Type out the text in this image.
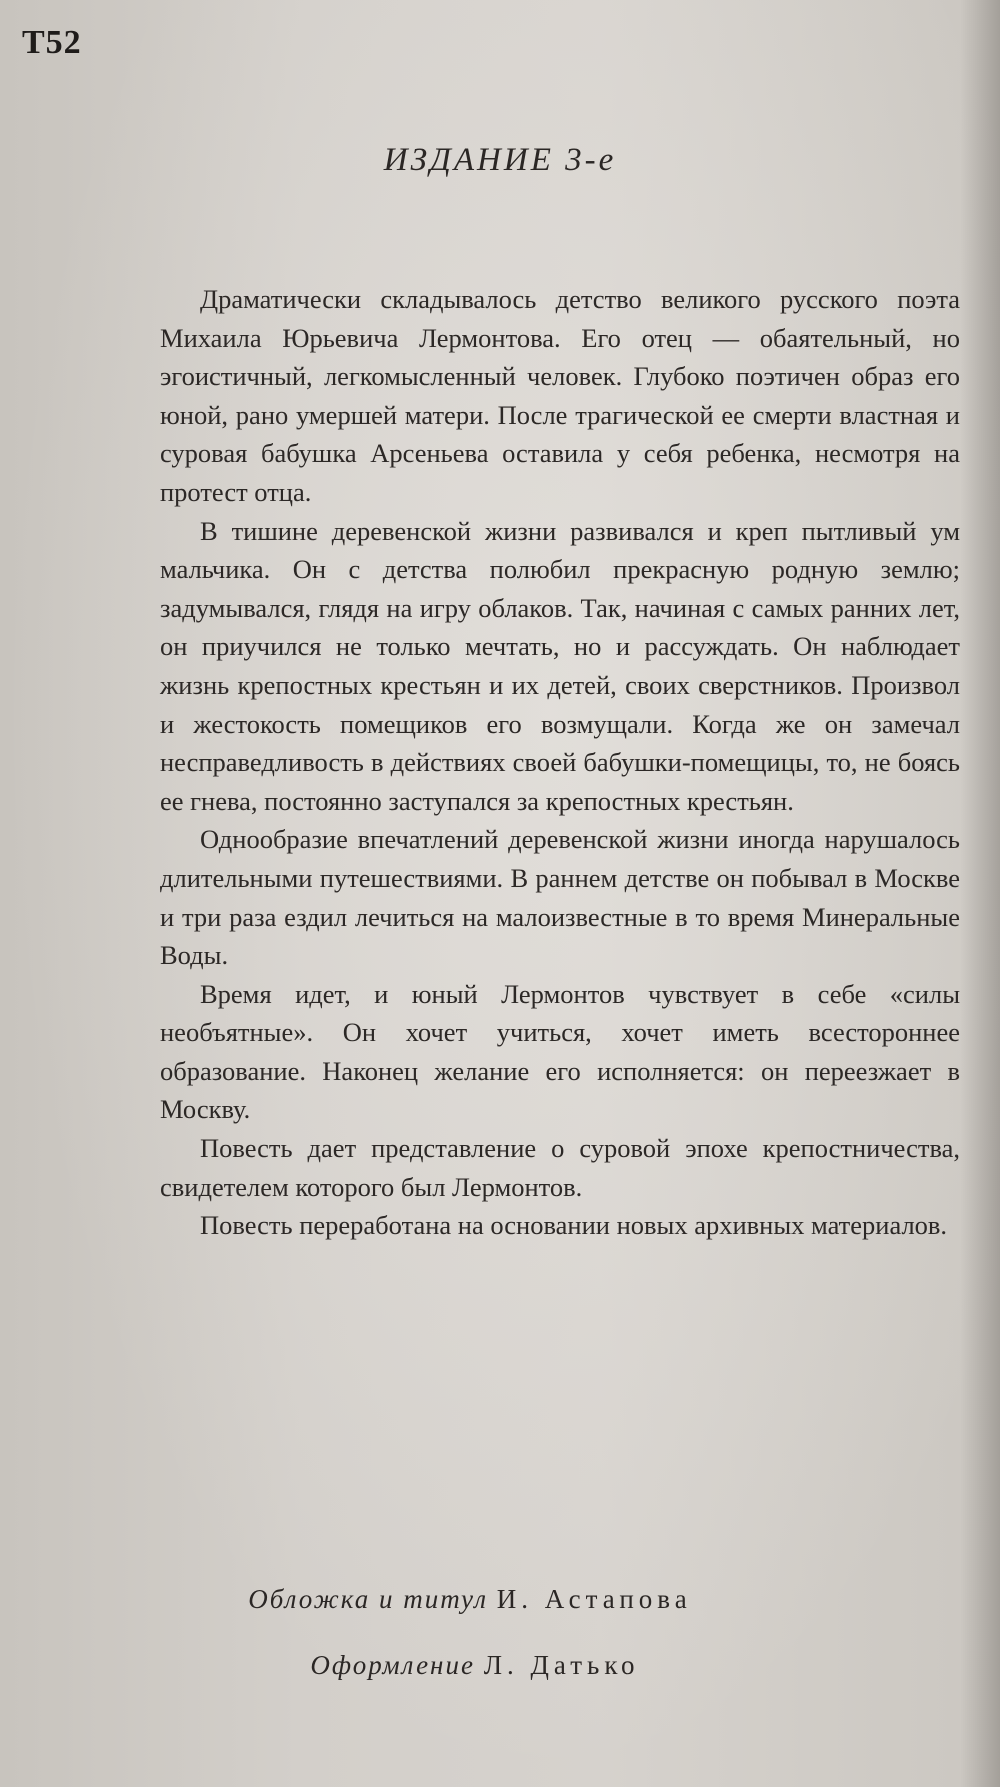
Т52
ИЗДАНИЕ 3-е

Драматически складывалось детство великого русского поэта Михаила Юрьевича Лермонтова. Его отец — обаятельный, но эгоистичный, легкомысленный человек. Глубоко поэтичен образ его юной, рано умершей матери. После трагической ее смерти властная и суровая бабушка Арсеньева оставила у себя ребенка, несмотря на протест отца.

В тишине деревенской жизни развивался и креп пытливый ум мальчика. Он с детства полюбил прекрасную родную землю; задумывался, глядя на игру облаков. Так, начиная с самых ранних лет, он приучился не только мечтать, но и рассуждать. Он наблюдает жизнь крепостных крестьян и их детей, своих сверстников. Произвол и жестокость помещиков его возмущали. Когда же он замечал несправедливость в действиях своей бабушки-помещицы, то, не боясь ее гнева, постоянно заступался за крепостных крестьян.

Однообразие впечатлений деревенской жизни иногда нарушалось длительными путешествиями. В раннем детстве он побывал в Москве и три раза ездил лечиться на малоизвестные в то время Минеральные Воды.

Время идет, и юный Лермонтов чувствует в себе «силы необъятные». Он хочет учиться, хочет иметь всестороннее образование. Наконец желание его исполняется: он переезжает в Москву.

Повесть дает представление о суровой эпохе крепостничества, свидетелем которого был Лермонтов.

Повесть переработана на основании новых архивных материалов.

Обложка и титул И. Астапова
Оформление Л. Датько
